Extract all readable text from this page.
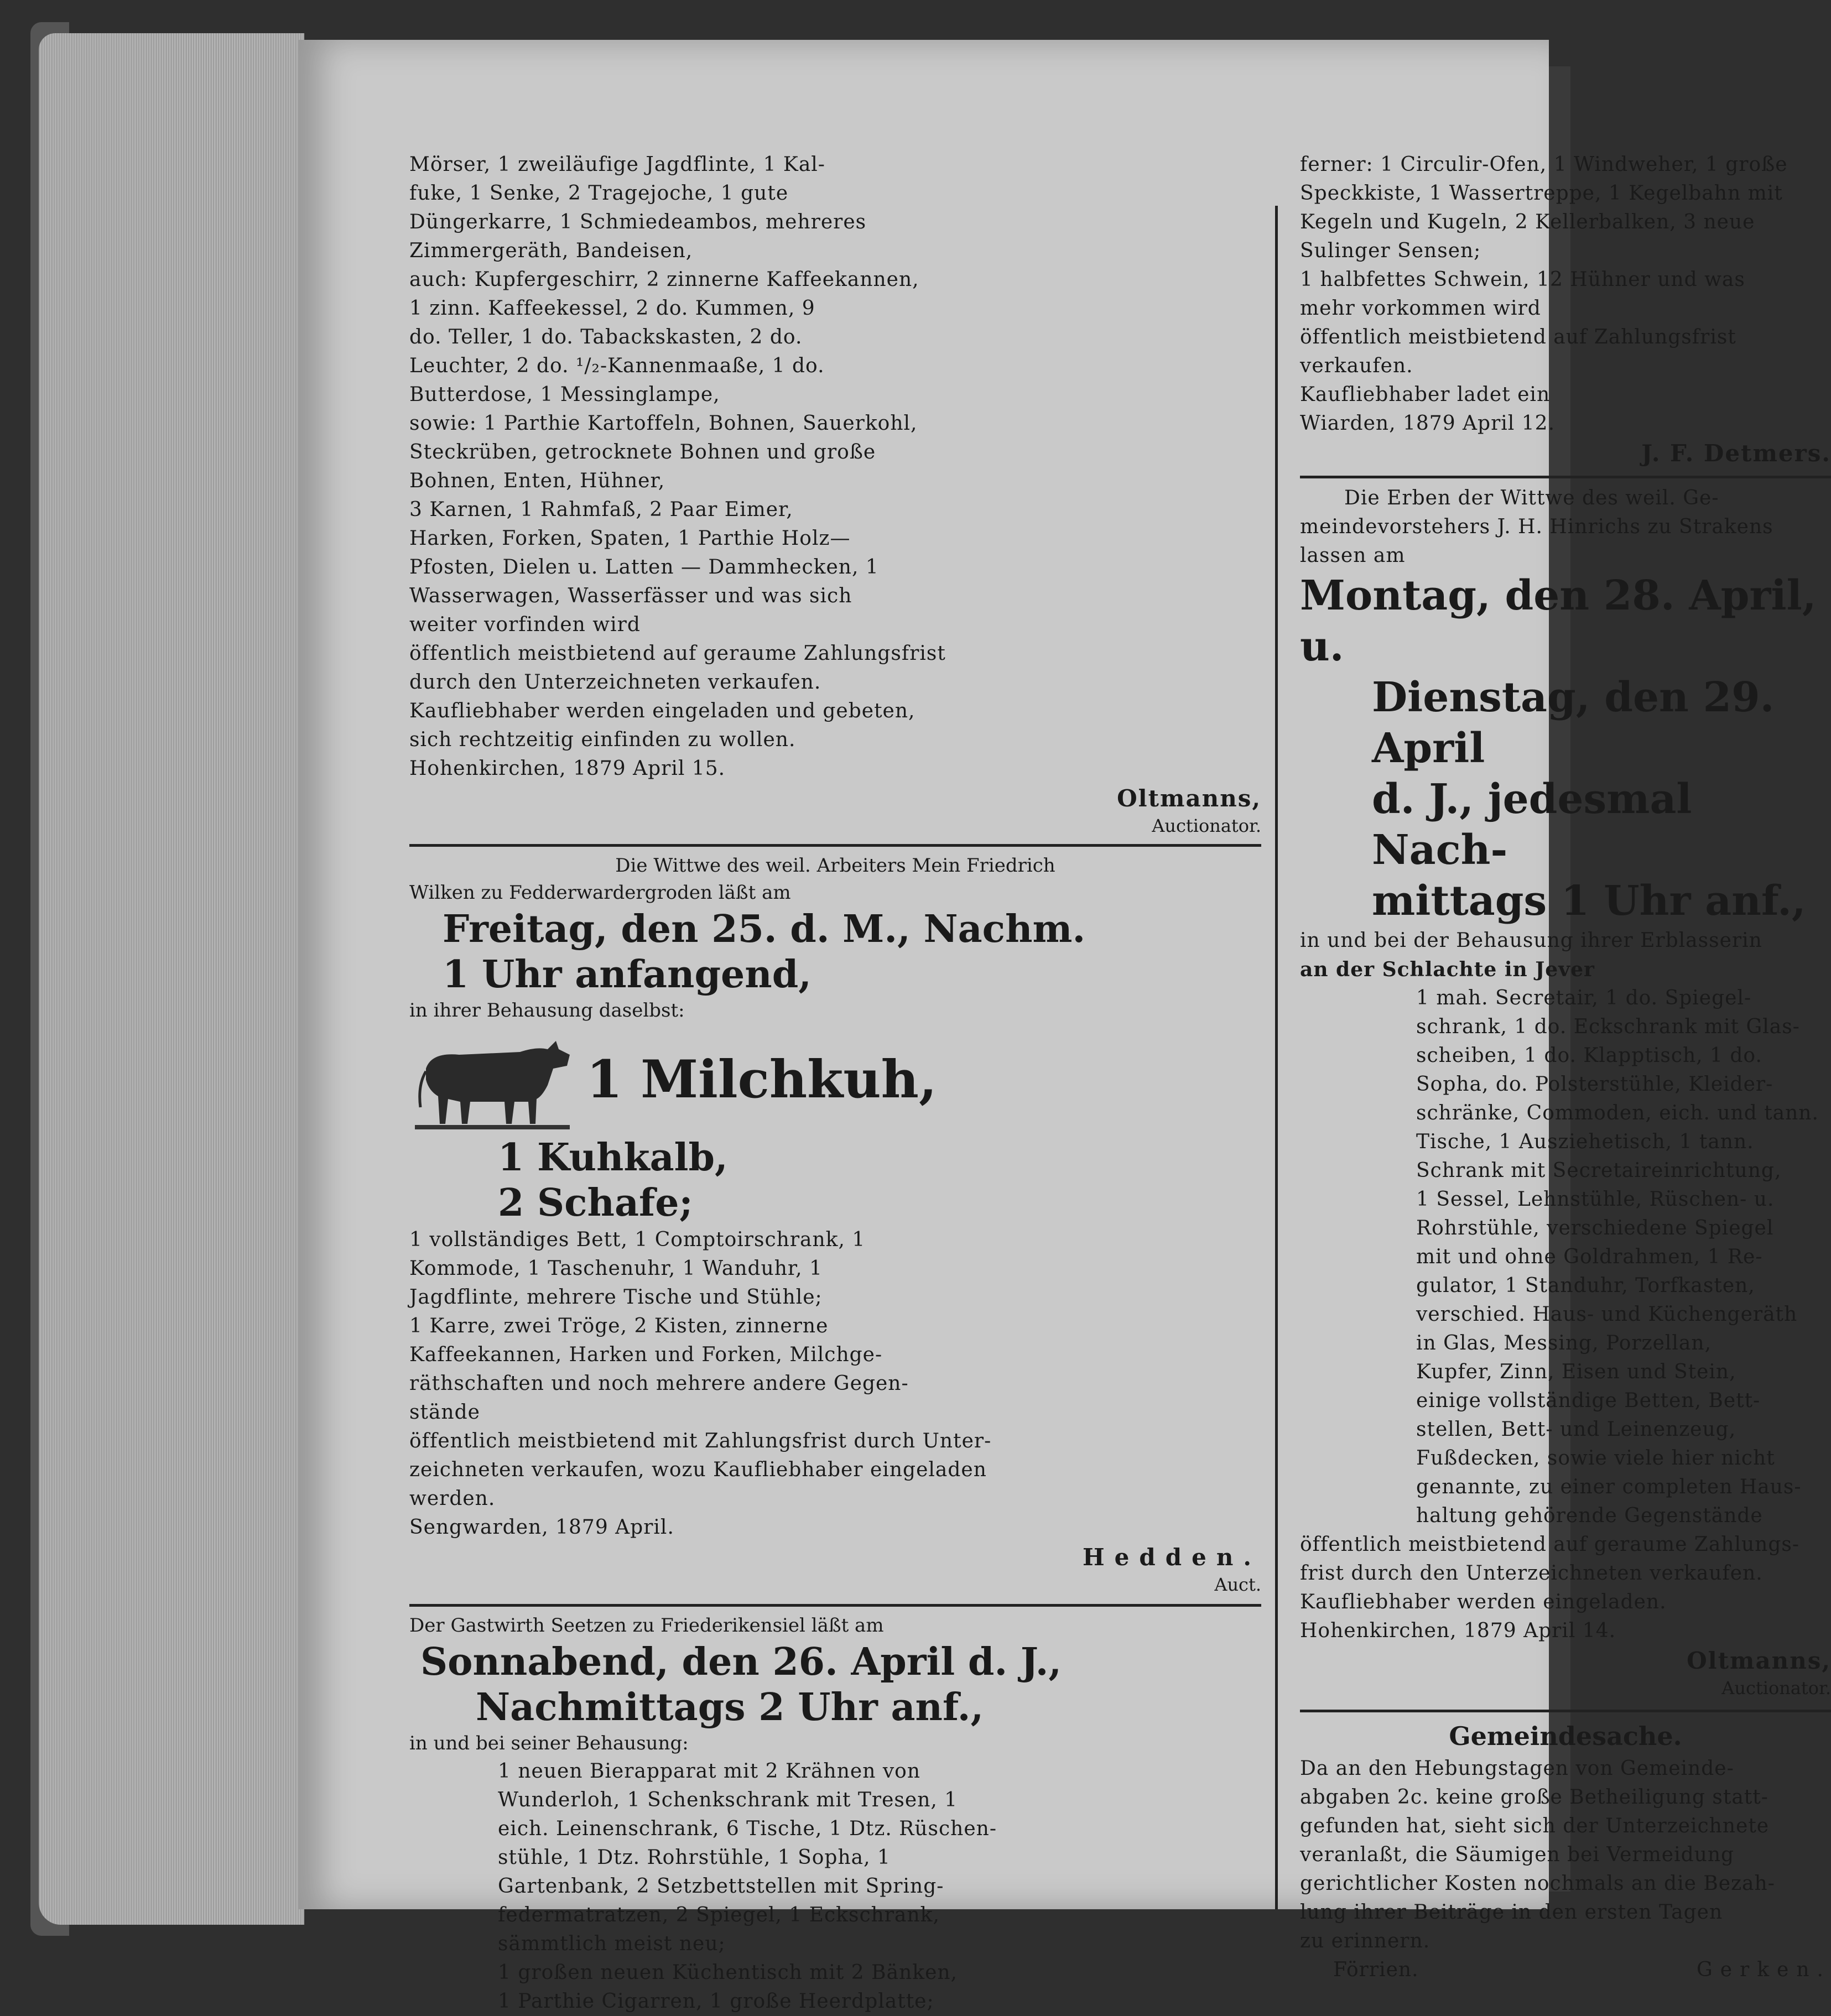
Mörser, 1 zweiläufige Jagdflinte, 1 Kal-

fuke, 1 Senke, 2 Tragejoche, 1 gute

Düngerkarre, 1 Schmiedeambos, mehreres

Zimmergeräth, Bandeisen,

auch: Kupfergeschirr, 2 zinnerne Kaffeekannen,

1 zinn. Kaffeekessel, 2 do. Kummen, 9

do. Teller, 1 do. Tabackskasten, 2 do.

Leuchter, 2 do. ¹/₂-Kannenmaaße, 1 do.

Butterdose, 1 Messinglampe,

sowie: 1 Parthie Kartoffeln, Bohnen, Sauerkohl,

Steckrüben, getrocknete Bohnen und große

Bohnen, Enten, Hühner,

3 Karnen, 1 Rahmfaß, 2 Paar Eimer,

Harken, Forken, Spaten, 1 Parthie Holz—

Pfosten, Dielen u. Latten — Dammhecken, 1

Wasserwagen, Wasserfässer und was sich

weiter vorfinden wird

öffentlich meistbietend auf geraume Zahlungsfrist

durch den Unterzeichneten verkaufen.

Kaufliebhaber werden eingeladen und gebeten,

sich rechtzeitig einfinden zu wollen.

Hohenkirchen, 1879 April 15.

Oltmanns,

Auctionator.

Die Wittwe des weil. Arbeiters Mein Friedrich

Wilken zu Fedderwardergroden läßt am

Freitag, den 25. d. M., Nachm.

1 Uhr anfangend,

in ihrer Behausung daselbst:

1 Milchkuh,

1 Kuhkalb,

2 Schafe;

1 vollständiges Bett, 1 Comptoirschrank, 1

Kommode, 1 Taschenuhr, 1 Wanduhr, 1

Jagdflinte, mehrere Tische und Stühle;

1 Karre, zwei Tröge, 2 Kisten, zinnerne

Kaffeekannen, Harken und Forken, Milchge-

räthschaften und noch mehrere andere Gegen-

stände

öffentlich meistbietend mit Zahlungsfrist durch Unter-

zeichneten verkaufen, wozu Kaufliebhaber eingeladen

werden.

Sengwarden, 1879 April.

Hedden.

Auct.

Der Gastwirth Seetzen zu Friederikensiel läßt am

Sonnabend, den 26. April d. J.,

Nachmittags 2 Uhr anf.,

in und bei seiner Behausung:

1 neuen Bierapparat mit 2 Krähnen von

Wunderloh, 1 Schenkschrank mit Tresen, 1

eich. Leinenschrank, 6 Tische, 1 Dtz. Rüschen-

stühle, 1 Dtz. Rohrstühle, 1 Sopha, 1

Gartenbank, 2 Setzbettstellen mit Spring-

federmatratzen, 2 Spiegel, 1 Eckschrank,

sämmtlich meist neu;

1 großen neuen Küchentisch mit 2 Bänken,

1 Parthie Cigarren, 1 große Heerdplatte;

ferner: 1 Circulir-Ofen, 1 Windweher, 1 große

Speckkiste, 1 Wassertreppe, 1 Kegelbahn mit

Kegeln und Kugeln, 2 Kellerbalken, 3 neue

Sulinger Sensen;

1 halbfettes Schwein, 12 Hühner und was

mehr vorkommen wird

öffentlich meistbietend auf Zahlungsfrist verkaufen.

Kaufliebhaber ladet ein

Wiarden, 1879 April 12.

J. F. Detmers.

Die Erben der Wittwe des weil. Ge-

meindevorstehers J. H. Hinrichs zu Strakens

lassen am

Montag, den 28. April, u.

Dienstag, den 29. April

d. J., jedesmal Nach-

mittags 1 Uhr anf.,

in und bei der Behausung ihrer Erblasserin

an der Schlachte in Jever

1 mah. Secretair, 1 do. Spiegel-

schrank, 1 do. Eckschrank mit Glas-

scheiben, 1 do. Klapptisch, 1 do.

Sopha, do. Polsterstühle, Kleider-

schränke, Commoden, eich. und tann.

Tische, 1 Ausziehetisch, 1 tann.

Schrank mit Secretaireinrichtung,

1 Sessel, Lehnstühle, Rüschen- u.

Rohrstühle, verschiedene Spiegel

mit und ohne Goldrahmen, 1 Re-

gulator, 1 Standuhr, Torfkasten,

verschied. Haus- und Küchengeräth

in Glas, Messing, Porzellan,

Kupfer, Zinn, Eisen und Stein,

einige vollständige Betten, Bett-

stellen, Bett- und Leinenzeug,

Fußdecken, sowie viele hier nicht

genannte, zu einer completen Haus-

haltung gehörende Gegenstände

öffentlich meistbietend auf geraume Zahlungs-

frist durch den Unterzeichneten verkaufen.

Kaufliebhaber werden eingeladen.

Hohenkirchen, 1879 April 14.

Oltmanns,

Auctionator.

Gemeindesache.

Da an den Hebungstagen von Gemeinde-

abgaben 2c. keine große Betheiligung statt-

gefunden hat, sieht sich der Unterzeichnete

veranlaßt, die Säumigen bei Vermeidung

gerichtlicher Kosten nochmals an die Bezah-

lung ihrer Beiträge in den ersten Tagen

zu erinnern.

Förrien.	Gerken.
